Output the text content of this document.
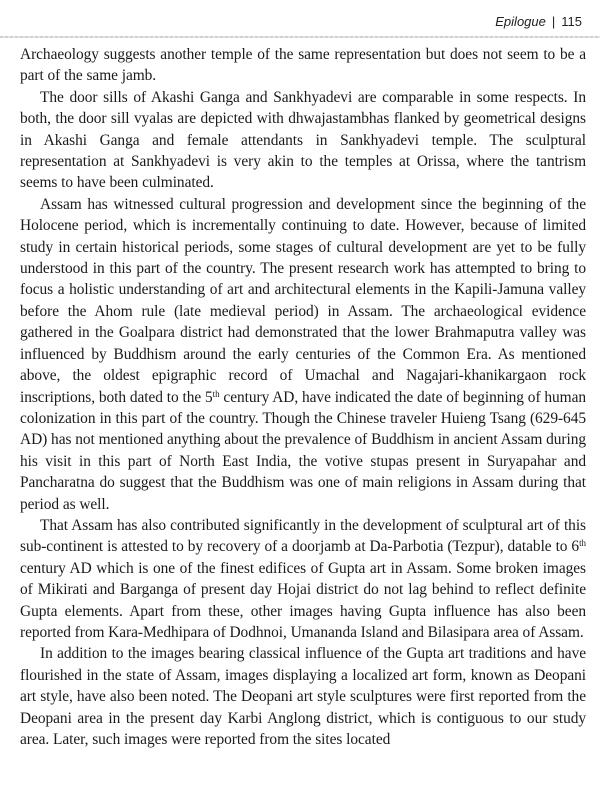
Epilogue | 115

Archaeology suggests another temple of the same representation but does not seem to be a part of the same jamb.

The door sills of Akashi Ganga and Sankhyadevi are comparable in some respects. In both, the door sill vyalas are depicted with dhwajastambhas flanked by geometrical designs in Akashi Ganga and female attendants in Sankhyadevi temple. The sculptural representation at Sankhyadevi is very akin to the temples at Orissa, where the tantrism seems to have been culminated.

Assam has witnessed cultural progression and development since the beginning of the Holocene period, which is incrementally continuing to date. However, because of limited study in certain historical periods, some stages of cultural development are yet to be fully understood in this part of the country. The present research work has attempted to bring to focus a holistic understanding of art and architectural elements in the Kapili-Jamuna valley before the Ahom rule (late medieval period) in Assam. The archaeological evidence gathered in the Goalpara district had demonstrated that the lower Brahmaputra valley was influenced by Buddhism around the early centuries of the Common Era. As mentioned above, the oldest epigraphic record of Umachal and Nagajari-khanikargaon rock inscriptions, both dated to the 5th century AD, have indicated the date of beginning of human colonization in this part of the country. Though the Chinese traveler Huieng Tsang (629-645 AD) has not mentioned anything about the prevalence of Buddhism in ancient Assam during his visit in this part of North East India, the votive stupas present in Suryapahar and Pancharatna do suggest that the Buddhism was one of main religions in Assam during that period as well.

That Assam has also contributed significantly in the development of sculptural art of this sub-continent is attested to by recovery of a doorjamb at Da-Parbotia (Tezpur), datable to 6th century AD which is one of the finest edifices of Gupta art in Assam. Some broken images of Mikirati and Barganga of present day Hojai district do not lag behind to reflect definite Gupta elements. Apart from these, other images having Gupta influence has also been reported from Kara-Medhipara of Dodhnoi, Umananda Island and Bilasipara area of Assam.

In addition to the images bearing classical influence of the Gupta art traditions and have flourished in the state of Assam, images displaying a localized art form, known as Deopani art style, have also been noted. The Deopani art style sculptures were first reported from the Deopani area in the present day Karbi Anglong district, which is contiguous to our study area. Later, such images were reported from the sites located
